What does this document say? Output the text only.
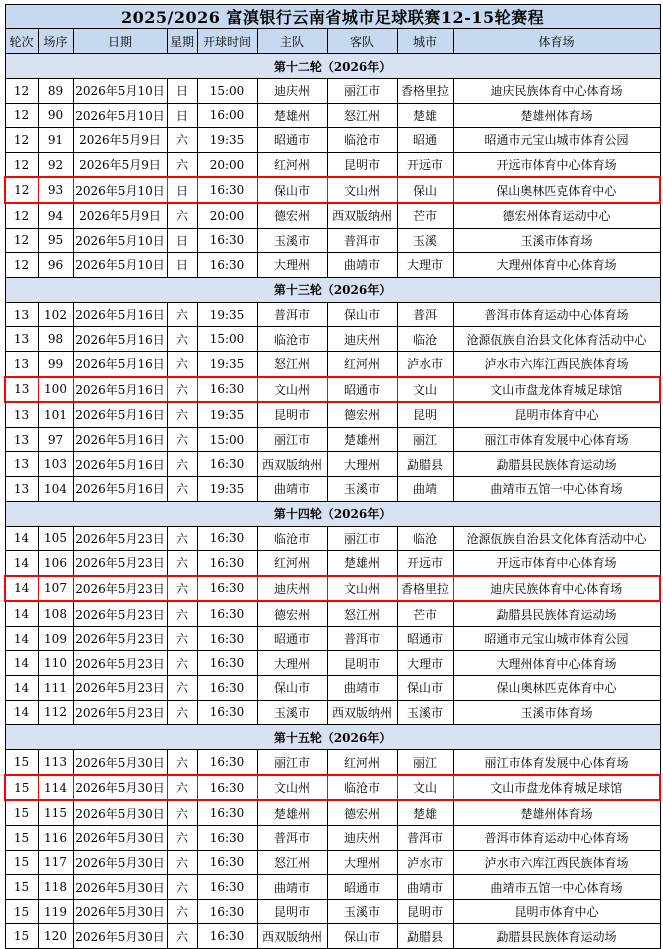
2025/2026 富滇银行云南省城市足球联赛12-15轮赛程								
轮次	场序	日期	星期	开球时间	主队	客队	城市	体育场
第十二轮（2026年）								
12	89	2026年5月10日	日	15:00	迪庆州	丽江市	香格里拉	迪庆民族体育中心体育场
12	90	2026年5月10日	日	16:00	楚雄州	怒江州	楚雄	楚雄州体育场
12	91	2026年5月9日	六	19:35	昭通市	临沧市	昭通	昭通市元宝山城市体育公园
12	92	2026年5月9日	六	20:00	红河州	昆明市	开远市	开远市体育中心体育场
12	93	2026年5月10日	日	16:30	保山市	文山州	保山	保山奥林匹克体育中心
12	94	2026年5月9日	六	20:00	德宏州	西双版纳州	芒市	德宏州体育运动中心
12	95	2026年5月10日	日	16:30	玉溪市	普洱市	玉溪	玉溪市体育场
12	96	2026年5月10日	日	16:30	大理州	曲靖市	大理市	大理州体育中心体育场
第十三轮（2026年）								
13	102	2026年5月16日	六	19:35	普洱市	保山市	普洱	普洱市体育运动中心体育场
13	98	2026年5月16日	六	15:00	临沧市	迪庆州	临沧	沧源佤族自治县文化体育活动中心
13	99	2026年5月16日	六	19:35	怒江州	红河州	泸水市	泸水市六库江西民族体育场
13	100	2026年5月16日	六	16:30	文山州	昭通市	文山	文山市盘龙体育城足球馆
13	101	2026年5月16日	六	19:35	昆明市	德宏州	昆明	昆明市体育中心
13	97	2026年5月16日	六	15:00	丽江市	楚雄州	丽江	丽江市体育发展中心体育场
13	103	2026年5月16日	六	16:30	西双版纳州	大理州	勐腊县	勐腊县民族体育运动场
13	104	2026年5月16日	六	19:35	曲靖市	玉溪市	曲靖	曲靖市五馆一中心体育场
第十四轮（2026年）								
14	105	2026年5月23日	六	16:30	临沧市	丽江市	临沧	沧源佤族自治县文化体育活动中心
14	106	2026年5月23日	六	16:30	红河州	楚雄州	开远市	开远市体育中心体育场
14	107	2026年5月23日	六	16:30	迪庆州	文山州	香格里拉	迪庆民族体育中心体育场
14	108	2026年5月23日	六	16:30	德宏州	怒江州	芒市	勐腊县民族体育运动场
14	109	2026年5月23日	六	16:30	昭通市	普洱市	昭通市	昭通市元宝山城市体育公园
14	110	2026年5月23日	六	16:30	大理州	昆明市	大理市	大理州体育中心体育场
14	111	2026年5月23日	六	16:30	保山市	曲靖市	保山市	保山奥林匹克体育中心
14	112	2026年5月23日	六	16:30	玉溪市	西双版纳州	玉溪市	玉溪市体育场
第十五轮（2026年）								
15	113	2026年5月30日	六	16:30	丽江市	红河州	丽江	丽江市体育发展中心体育场
15	114	2026年5月30日	六	16:30	文山州	临沧市	文山	文山市盘龙体育城足球馆
15	115	2026年5月30日	六	16:30	楚雄州	德宏州	楚雄	楚雄州体育场
15	116	2026年5月30日	六	16:30	普洱市	迪庆州	普洱市	普洱市体育运动中心体育场
15	117	2026年5月30日	六	16:30	怒江州	大理州	泸水市	泸水市六库江西民族体育场
15	118	2026年5月30日	六	16:30	曲靖市	昭通市	曲靖市	曲靖市五馆一中心体育场
15	119	2026年5月30日	六	16:30	昆明市	玉溪市	昆明市	昆明市体育中心
15	120	2026年5月30日	六	16:30	西双版纳州	保山市	勐腊县	勐腊县民族体育运动场
